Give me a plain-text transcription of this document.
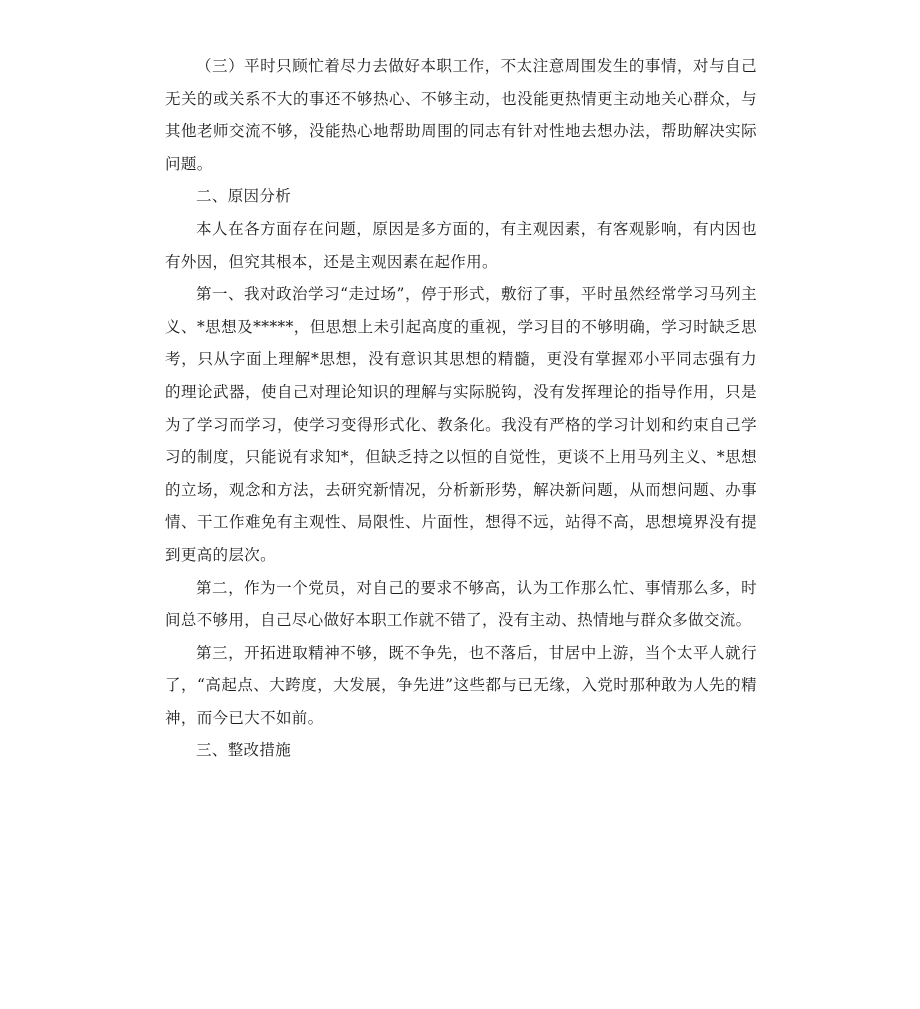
（三）平时只顾忙着尽力去做好本职工作，不太注意周围发生的事情，对与自己无关的或关系不大的事还不够热心、不够主动，也没能更热情更主动地关心群众，与其他老师交流不够，没能热心地帮助周围的同志有针对性地去想办法，帮助解决实际问题。

二、原因分析

本人在各方面存在问题，原因是多方面的，有主观因素，有客观影响，有内因也有外因，但究其根本，还是主观因素在起作用。

第一、我对政治学习“走过场”，停于形式，敷衍了事，平时虽然经常学习马列主义、*思想及*****，但思想上未引起高度的重视，学习目的不够明确，学习时缺乏思考，只从字面上理解*思想，没有意识其思想的精髓，更没有掌握邓小平同志强有力的理论武器，使自己对理论知识的理解与实际脱钩，没有发挥理论的指导作用，只是为了学习而学习，使学习变得形式化、教条化。我没有严格的学习计划和约束自己学习的制度，只能说有求知*，但缺乏持之以恒的自觉性，更谈不上用马列主义、*思想的立场，观念和方法，去研究新情况，分析新形势，解决新问题，从而想问题、办事情、干工作难免有主观性、局限性、片面性，想得不远，站得不高，思想境界没有提到更高的层次。

第二，作为一个党员，对自己的要求不够高，认为工作那么忙、事情那么多，时间总不够用，自己尽心做好本职工作就不错了，没有主动、热情地与群众多做交流。

第三，开拓进取精神不够，既不争先，也不落后，甘居中上游，当个太平人就行了，“高起点、大跨度，大发展，争先进”这些都与已无缘，入党时那种敢为人先的精神，而今已大不如前。

三、整改措施
